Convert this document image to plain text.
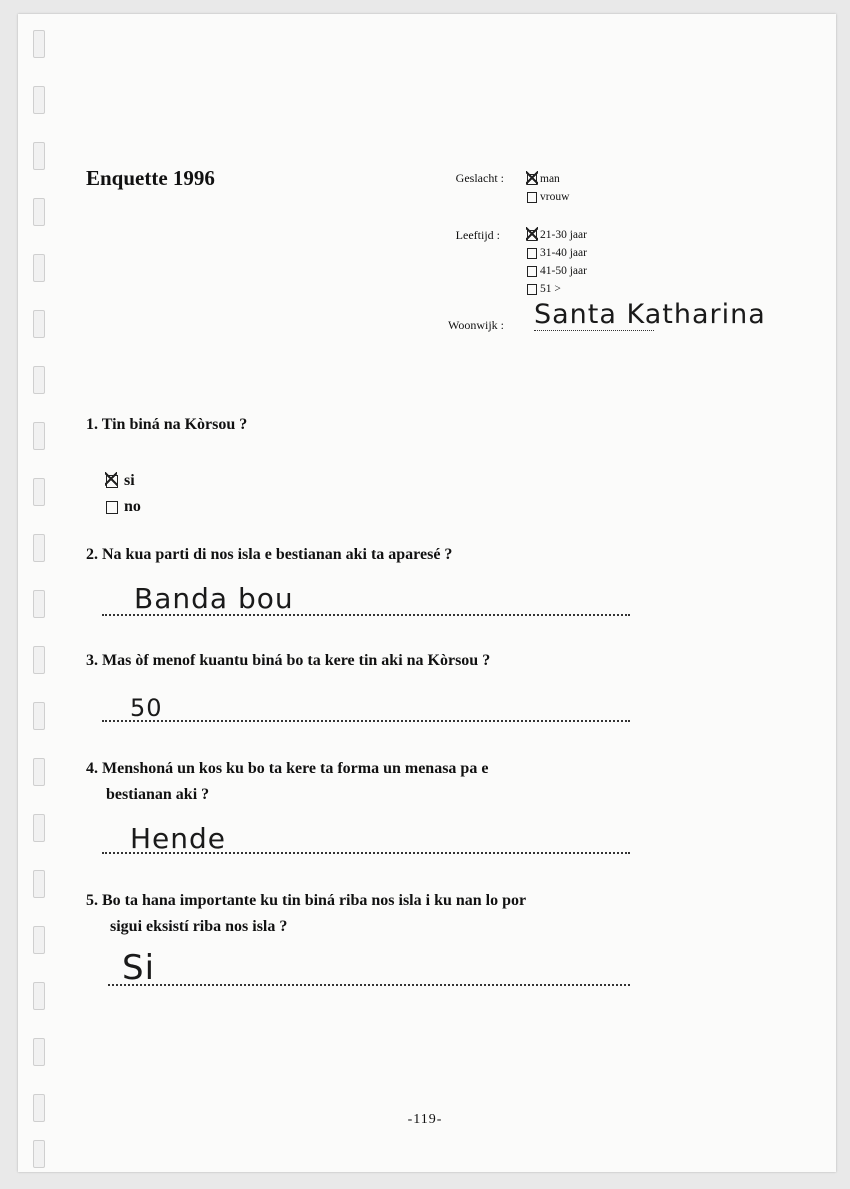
Enquette 1996	Geslacht :	man
vrouw
Leeftijd :	21-30 jaar
31-40 jaar
41-50 jaar
51 >
Woonwijk : Santa Katharina
1. Tin biná na Kòrsou ?
si
no
2. Na kua parti di nos isla e bestianan aki ta aparesé ?
Banda bou
3. Mas òf menof kuantu biná bo ta kere tin aki na Kòrsou ?
50
4. Menshoná un kos ku bo ta kere ta forma un menasa pa e
bestianan aki ?
Hende
5. Bo ta hana importante ku tin biná riba nos isla i ku nan lo por
sigui eksistí riba nos isla ?
Si
-119-
